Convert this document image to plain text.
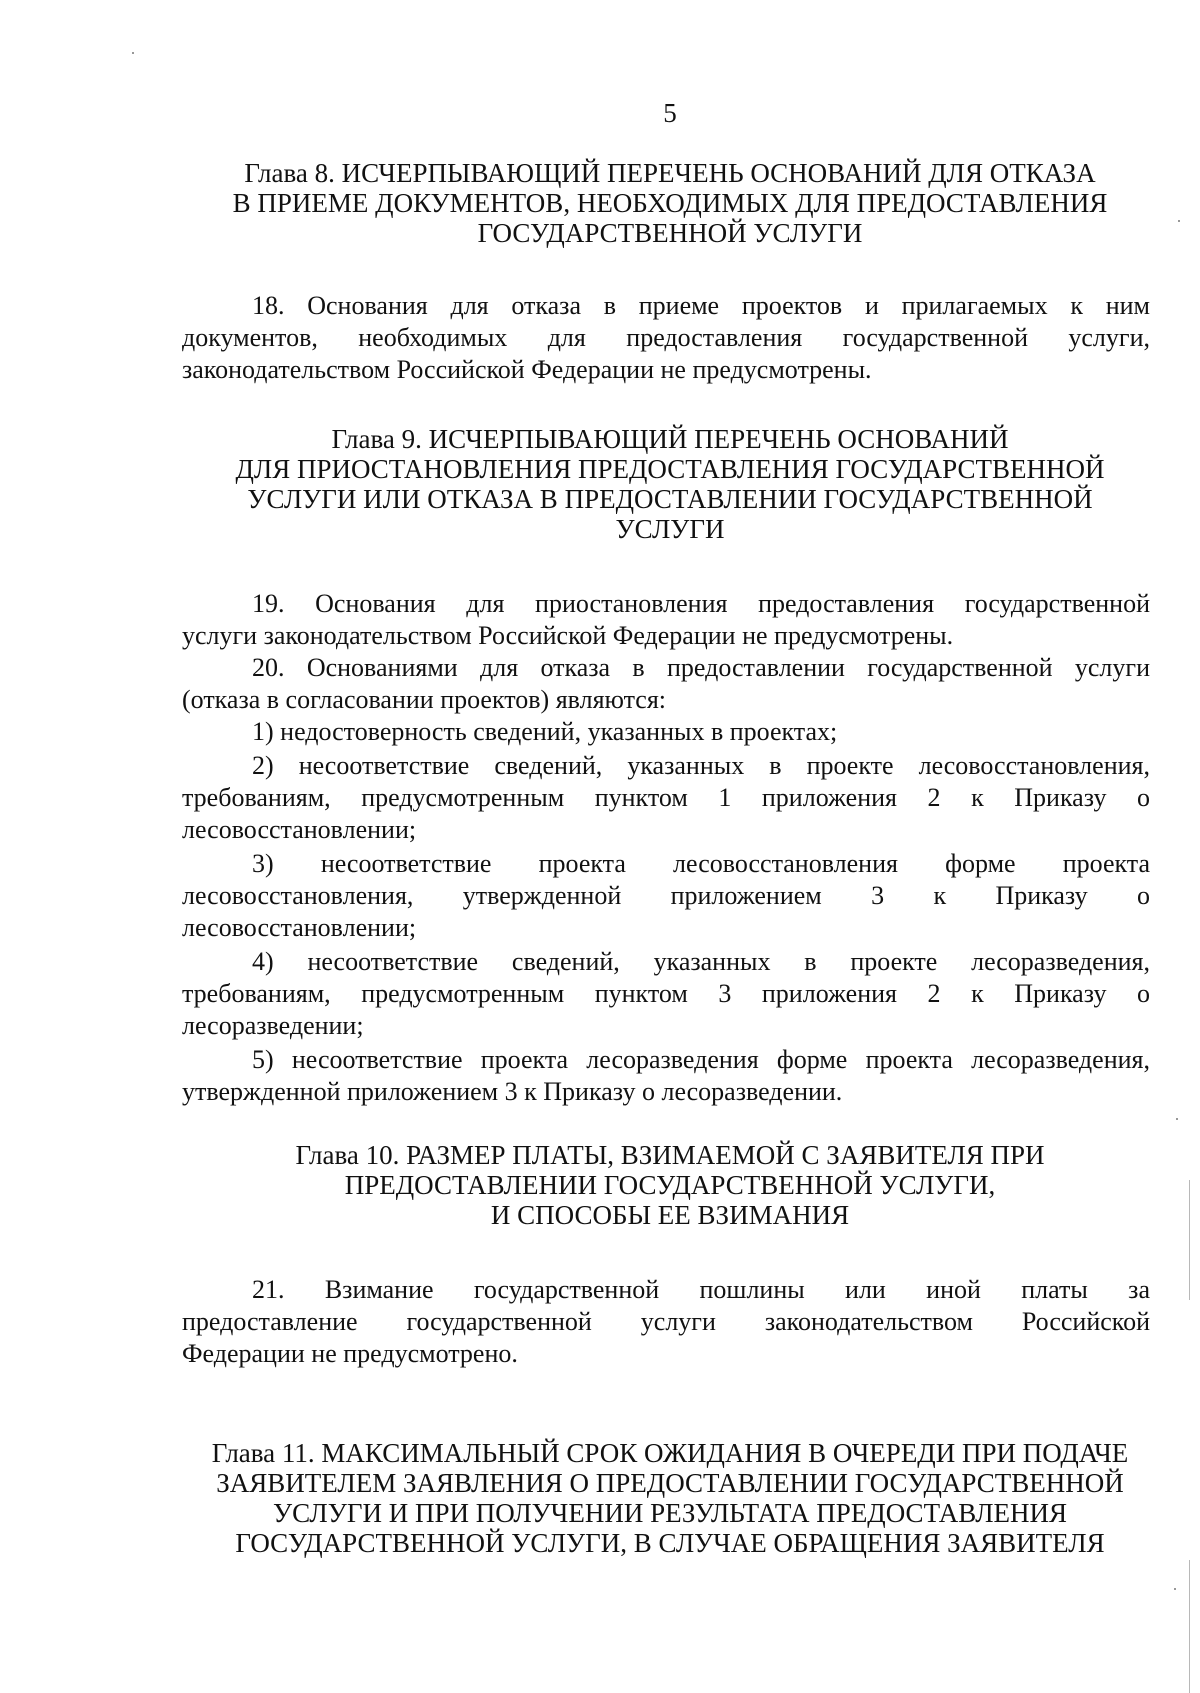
5
Глава 8. ИСЧЕРПЫВАЮЩИЙ ПЕРЕЧЕНЬ ОСНОВАНИЙ ДЛЯ ОТКАЗА
В ПРИЕМЕ ДОКУМЕНТОВ, НЕОБХОДИМЫХ ДЛЯ ПРЕДОСТАВЛЕНИЯ
ГОСУДАРСТВЕННОЙ УСЛУГИ
18. Основания для отказа в приеме проектов и прилагаемых к ним
документов, необходимых для предоставления государственной услуги,
законодательством Российской Федерации не предусмотрены.
Глава 9. ИСЧЕРПЫВАЮЩИЙ ПЕРЕЧЕНЬ ОСНОВАНИЙ
ДЛЯ ПРИОСТАНОВЛЕНИЯ ПРЕДОСТАВЛЕНИЯ ГОСУДАРСТВЕННОЙ
УСЛУГИ ИЛИ ОТКАЗА В ПРЕДОСТАВЛЕНИИ ГОСУДАРСТВЕННОЙ
УСЛУГИ
19. Основания для приостановления предоставления государственной
услуги законодательством Российской Федерации не предусмотрены.
20. Основаниями для отказа в предоставлении государственной услуги
(отказа в согласовании проектов) являются:
1) недостоверность сведений, указанных в проектах;
2) несоответствие сведений, указанных в проекте лесовосстановления,
требованиям, предусмотренным пунктом 1 приложения 2 к Приказу о
лесовосстановлении;
3) несоответствие проекта лесовосстановления форме проекта
лесовосстановления, утвержденной приложением 3 к Приказу о
лесовосстановлении;
4) несоответствие сведений, указанных в проекте лесоразведения,
требованиям, предусмотренным пунктом 3 приложения 2 к Приказу о
лесоразведении;
5) несоответствие проекта лесоразведения форме проекта лесоразведения,
утвержденной приложением 3 к Приказу о лесоразведении.
Глава 10. РАЗМЕР ПЛАТЫ, ВЗИМАЕМОЙ С ЗАЯВИТЕЛЯ ПРИ
ПРЕДОСТАВЛЕНИИ ГОСУДАРСТВЕННОЙ УСЛУГИ,
И СПОСОБЫ ЕЕ ВЗИМАНИЯ
21. Взимание государственной пошлины или иной платы за
предоставление государственной услуги законодательством Российской
Федерации не предусмотрено.
Глава 11. МАКСИМАЛЬНЫЙ СРОК ОЖИДАНИЯ В ОЧЕРЕДИ ПРИ ПОДАЧЕ
ЗАЯВИТЕЛЕМ ЗАЯВЛЕНИЯ О ПРЕДОСТАВЛЕНИИ ГОСУДАРСТВЕННОЙ
УСЛУГИ И ПРИ ПОЛУЧЕНИИ РЕЗУЛЬТАТА ПРЕДОСТАВЛЕНИЯ
ГОСУДАРСТВЕННОЙ УСЛУГИ, В СЛУЧАЕ ОБРАЩЕНИЯ ЗАЯВИТЕЛЯ
